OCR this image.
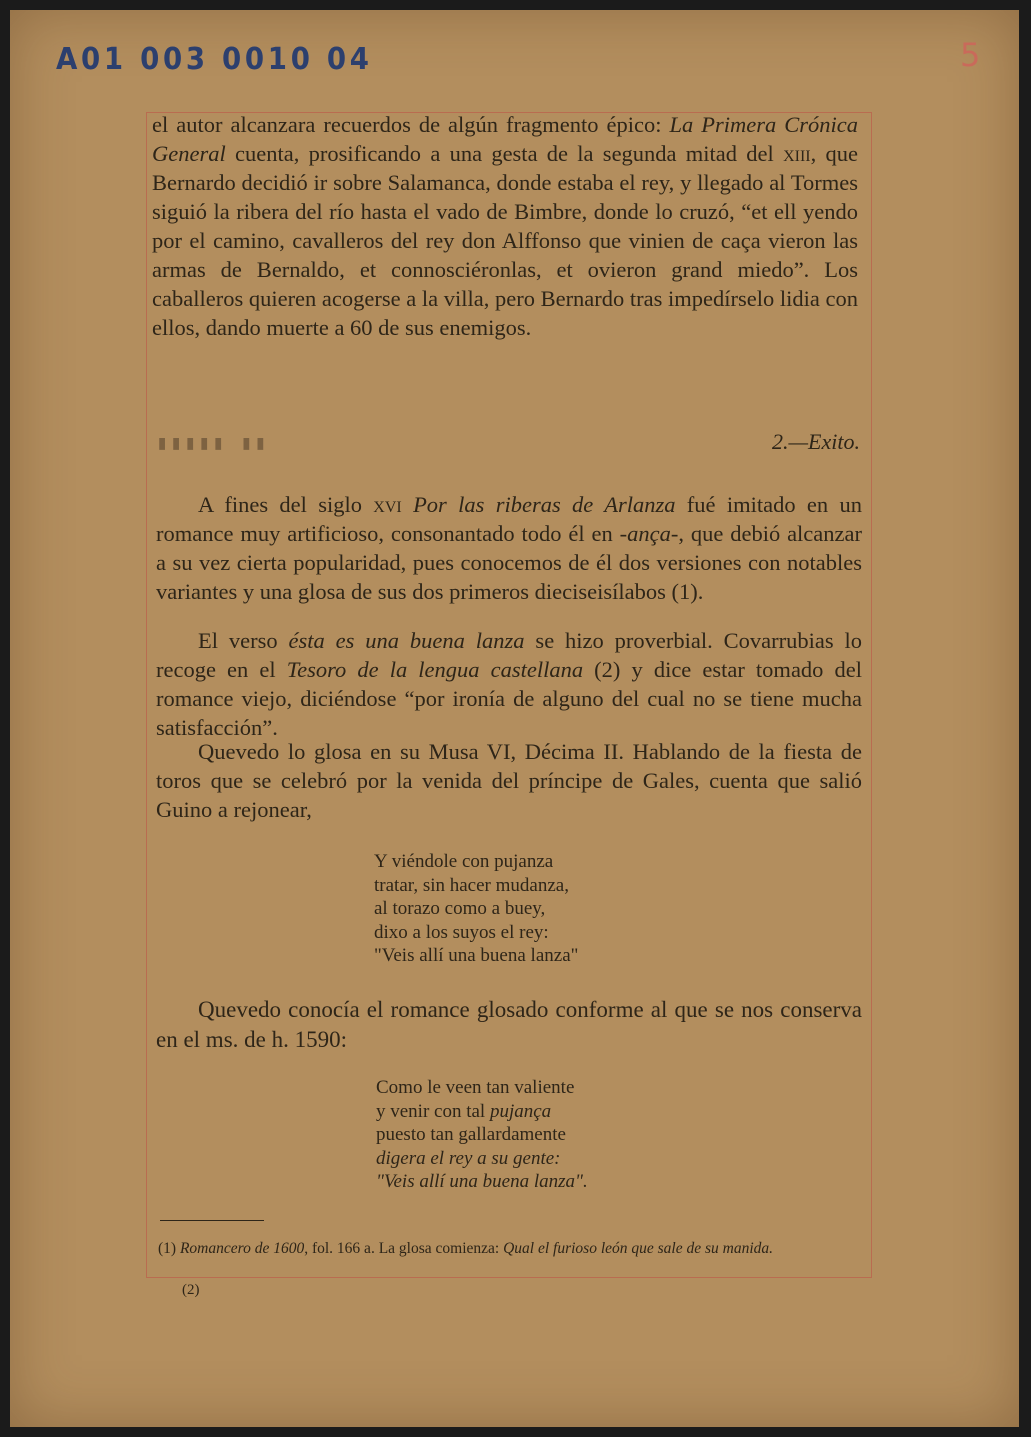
A01 003 0010 04	5
el autor alcanzara recuerdos de algún fragmento épico: La Primera Crónica General cuenta, prosificando a una gesta de la segunda mitad del xiii, que Bernardo decidió ir sobre Salamanca, donde estaba el rey, y llegado al Tormes siguió la ribera del río hasta el vado de Bimbre, donde lo cruzó, “et ell yendo por el camino, cavalleros del rey don Alffonso que vinien de caça vieron las armas de Bernaldo, et connosciéronlas, et ovieron grand miedo”. Los caballeros quieren acogerse a la villa, pero Bernardo tras impedírselo lidia con ellos, dando muerte a 60 de sus enemigos.
▮▮▮▮▮ ▮▮	2.—Exito.
A fines del siglo xvi Por las riberas de Arlanza fué imitado en un romance muy artificioso, consonantado todo él en -ança-, que debió alcanzar a su vez cierta popularidad, pues conocemos de él dos versiones con notables variantes y una glosa de sus dos primeros dieciseisílabos (1).
El verso ésta es una buena lanza se hizo proverbial. Covarrubias lo recoge en el Tesoro de la lengua castellana (2) y dice estar tomado del romance viejo, diciéndose “por ironía de alguno del cual no se tiene mucha satisfacción”.
Quevedo lo glosa en su Musa VI, Décima II. Hablando de la fiesta de toros que se celebró por la venida del príncipe de Gales, cuenta que salió Guino a rejonear,
Y viéndole con pujanza
tratar, sin hacer mudanza,
al torazo como a buey,
dixo a los suyos el rey:
"Veis allí una buena lanza"
Quevedo conocía el romance glosado conforme al que se nos conserva en el ms. de h. 1590:
Como le veen tan valiente
y venir con tal pujança
puesto tan gallardamente
digera el rey a su gente:
"Veis allí una buena lanza".
(1) Romancero de 1600, fol. 166 a. La glosa comienza: Qual el furioso león que sale de su manida.
(2)
